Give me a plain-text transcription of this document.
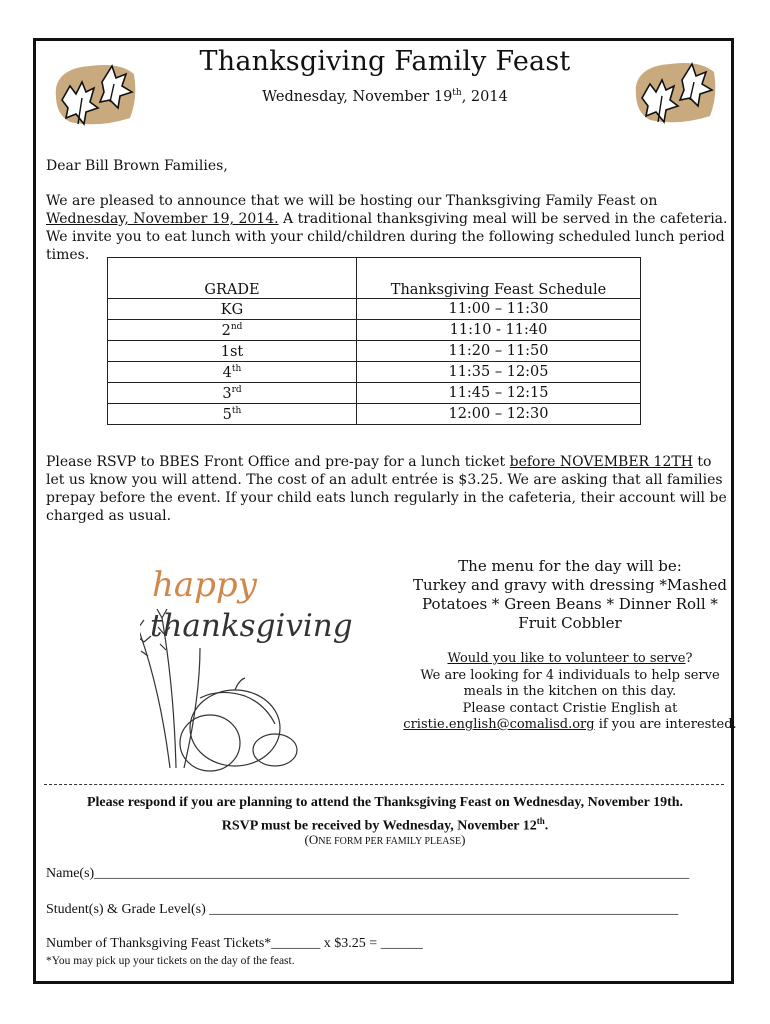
Thanksgiving Family Feast
Wednesday, November 19th, 2014
Dear Bill Brown Families,
We are pleased to announce that we will be hosting our Thanksgiving Family Feast on Wednesday, November 19, 2014. A traditional thanksgiving meal will be served in the cafeteria. We invite you to eat lunch with your child/children during the following scheduled lunch period times.
GRADE	Thanksgiving Feast Schedule
KG	11:00 – 11:30
2nd	11:10 - 11:40
1st	11:20 – 11:50
4th	11:35 – 12:05
3rd	11:45 – 12:15
5th	12:00 – 12:30
Please RSVP to BBES Front Office and pre-pay for a lunch ticket before NOVEMBER 12TH to let us know you will attend. The cost of an adult entrée is $3.25. We are asking that all families prepay before the event. If your child eats lunch regularly in the cafeteria, their account will be charged as usual.
happy
thanksgiving
The menu for the day will be:
Turkey and gravy with dressing *Mashed
Potatoes * Green Beans * Dinner Roll *
Fruit Cobbler
Would you like to volunteer to serve?
We are looking for 4 individuals to help serve
meals in the kitchen on this day.
Please contact Cristie English at
cristie.english@comalisd.org if you are interested.
Please respond if you are planning to attend the Thanksgiving Feast on Wednesday, November 19th.
RSVP must be received by Wednesday, November 12th.
(ONE FORM PER FAMILY PLEASE)
Name(s)_____________________________________________________________________________________
Student(s) & Grade Level(s) ___________________________________________________________________
Number of Thanksgiving Feast Tickets*_______ x $3.25 = ______
*You may pick up your tickets on the day of the feast.
